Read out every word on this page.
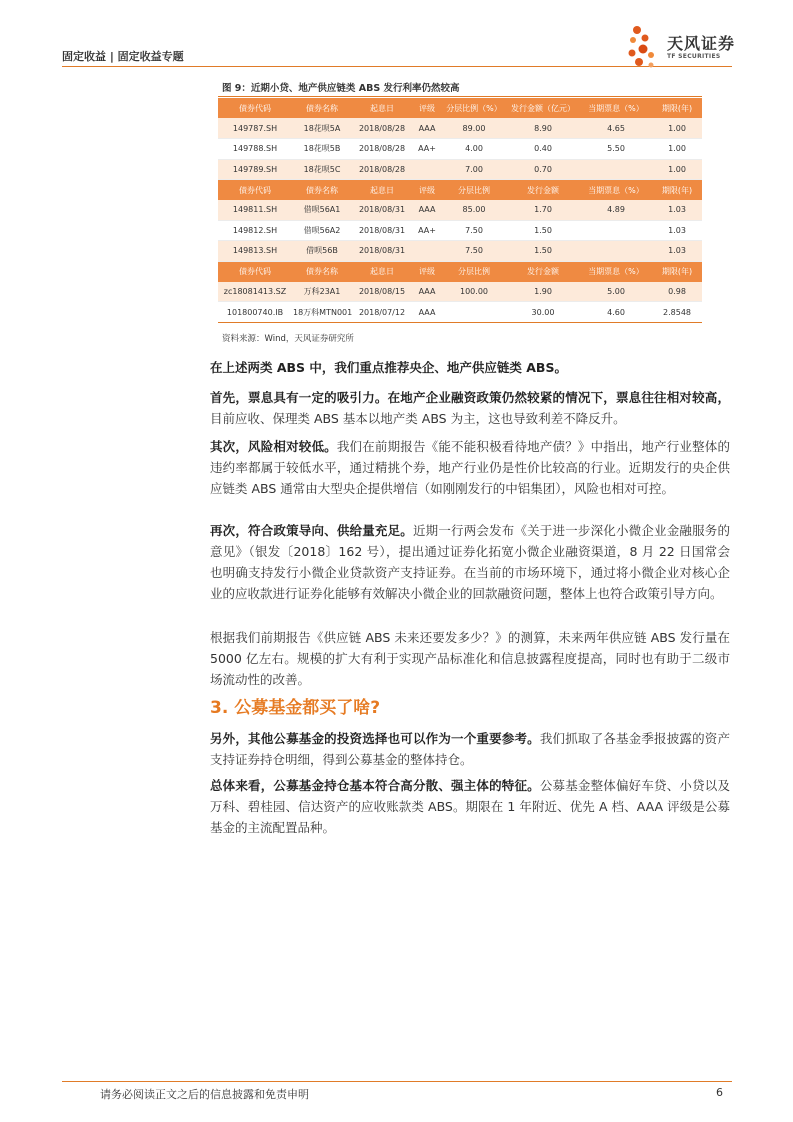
固定收益 | 固定收益专题
天风证券
TF SECURITIES
图 9：近期小贷、地产供应链类 ABS 发行利率仍然较高
债券代码	债券名称	起息日	评级	分层比例（%）	发行金额（亿元）	当期票息（%）	期限(年)
149787.SH	18花呗5A	2018/08/28	AAA	89.00	8.90	4.65	1.00
149788.SH	18花呗5B	2018/08/28	AA+	4.00	0.40	5.50	1.00
149789.SH	18花呗5C	2018/08/28		7.00	0.70		1.00
债券代码	债券名称	起息日	评级	分层比例	发行金额	当期票息（%）	期限(年)
149811.SH	借呗56A1	2018/08/31	AAA	85.00	1.70	4.89	1.03
149812.SH	借呗56A2	2018/08/31	AA+	7.50	1.50		1.03
149813.SH	借呗56B	2018/08/31		7.50	1.50		1.03
债券代码	债券名称	起息日	评级	分层比例	发行金额	当期票息（%）	期限(年)
zc18081413.SZ	万科23A1	2018/08/15	AAA	100.00	1.90	5.00	0.98
101800740.IB	18万科MTN001	2018/07/12	AAA		30.00	4.60	2.8548
资料来源：Wind，天风证券研究所
在上述两类 ABS 中，我们重点推荐央企、地产供应链类 ABS。
首先，票息具有一定的吸引力。在地产企业融资政策仍然较紧的情况下，票息往往相对较高，目前应收、保理类 ABS 基本以地产类 ABS 为主，这也导致利差不降反升。
其次，风险相对较低。我们在前期报告《能不能积极看待地产债？》中指出，地产行业整体的违约率都属于较低水平，通过精挑个券，地产行业仍是性价比较高的行业。近期发行的央企供应链类 ABS 通常由大型央企提供增信（如刚刚发行的中铝集团），风险也相对可控。
再次，符合政策导向、供给量充足。近期一行两会发布《关于进一步深化小微企业金融服务的意见》（银发〔2018〕162 号），提出通过证券化拓宽小微企业融资渠道，8 月 22 日国常会也明确支持发行小微企业贷款资产支持证券。在当前的市场环境下，通过将小微企业对核心企业的应收款进行证券化能够有效解决小微企业的回款融资问题，整体上也符合政策引导方向。
根据我们前期报告《供应链 ABS 未来还要发多少？》的测算，未来两年供应链 ABS 发行量在 5000 亿左右。规模的扩大有利于实现产品标准化和信息披露程度提高，同时也有助于二级市场流动性的改善。
3. 公募基金都买了啥?
另外，其他公募基金的投资选择也可以作为一个重要参考。我们抓取了各基金季报披露的资产支持证券持仓明细，得到公募基金的整体持仓。
总体来看，公募基金持仓基本符合高分散、强主体的特征。公募基金整体偏好车贷、小贷以及万科、碧桂园、信达资产的应收账款类 ABS。期限在 1 年附近、优先 A 档、AAA 评级是公募基金的主流配置品种。
请务必阅读正文之后的信息披露和免责申明	6
